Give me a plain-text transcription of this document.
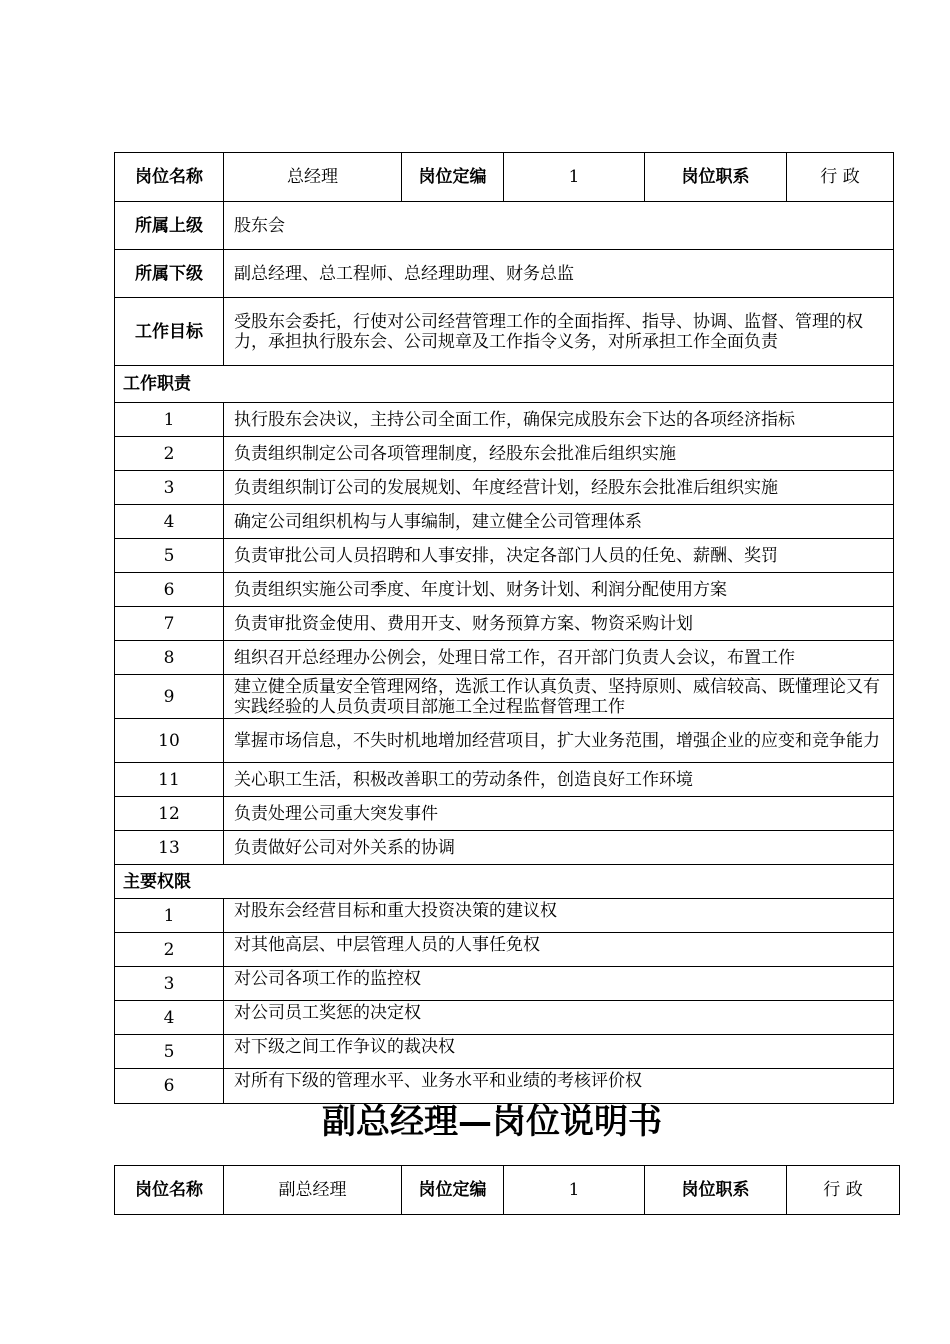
岗位名称	总经理	岗位定编	1	岗位职系	行 政
所属上级	股东会				
所属下级	副总经理、总工程师、总经理助理、财务总监				
工作目标	受股东会委托，行使对公司经营管理工作的全面指挥、指导、协调、监督、管理的权力，承担执行股东会、公司规章及工作指令义务，对所承担工作全面负责				
工作职责					
1	执行股东会决议，主持公司全面工作，确保完成股东会下达的各项经济指标				
2	负责组织制定公司各项管理制度，经股东会批准后组织实施				
3	负责组织制订公司的发展规划、年度经营计划，经股东会批准后组织实施				
4	确定公司组织机构与人事编制，建立健全公司管理体系				
5	负责审批公司人员招聘和人事安排，决定各部门人员的任免、薪酬、奖罚				
6	负责组织实施公司季度、年度计划、财务计划、利润分配使用方案				
7	负责审批资金使用、费用开支、财务预算方案、物资采购计划				
8	组织召开总经理办公例会，处理日常工作，召开部门负责人会议，布置工作				
9	建立健全质量安全管理网络，选派工作认真负责、坚持原则、威信较高、既懂理论又有实践经验的人员负责项目部施工全过程监督管理工作				
10	掌握市场信息，不失时机地增加经营项目，扩大业务范围，增强企业的应变和竞争能力				
11	关心职工生活，积极改善职工的劳动条件，创造良好工作环境				
12	负责处理公司重大突发事件				
13	负责做好公司对外关系的协调				
主要权限					
1	对股东会经营目标和重大投资决策的建议权				
2	对其他高层、中层管理人员的人事任免权				
3	对公司各项工作的监控权				
4	对公司员工奖惩的决定权				
5	对下级之间工作争议的裁决权				
6	对所有下级的管理水平、业务水平和业绩的考核评价权				
副总经理—岗位说明书
岗位名称	副总经理	岗位定编	1	岗位职系	行 政
